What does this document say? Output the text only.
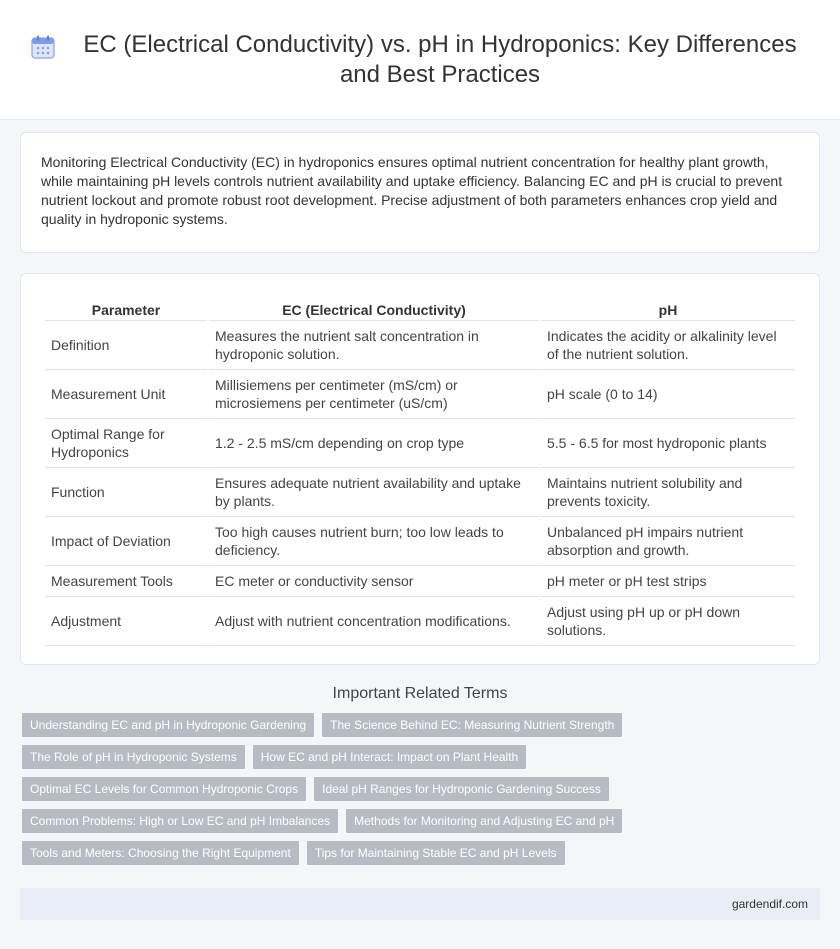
EC (Electrical Conductivity) vs. pH in Hydroponics: Key Differences and Best Practices

Monitoring Electrical Conductivity (EC) in hydroponics ensures optimal nutrient concentration for healthy plant growth, while maintaining pH levels controls nutrient availability and uptake efficiency. Balancing EC and pH is crucial to prevent nutrient lockout and promote robust root development. Precise adjustment of both parameters enhances crop yield and quality in hydroponic systems.

Parameter	EC (Electrical Conductivity)	pH
Definition	Measures the nutrient salt concentration in hydroponic solution.	Indicates the acidity or alkalinity level of the nutrient solution.
Measurement Unit	Millisiemens per centimeter (mS/cm) or microsiemens per centimeter (uS/cm)	pH scale (0 to 14)
Optimal Range for Hydroponics	1.2 - 2.5 mS/cm depending on crop type	5.5 - 6.5 for most hydroponic plants
Function	Ensures adequate nutrient availability and uptake by plants.	Maintains nutrient solubility and prevents toxicity.
Impact of Deviation	Too high causes nutrient burn; too low leads to deficiency.	Unbalanced pH impairs nutrient absorption and growth.
Measurement Tools	EC meter or conductivity sensor	pH meter or pH test strips
Adjustment	Adjust with nutrient concentration modifications.	Adjust using pH up or pH down solutions.
Important Related Terms
Understanding EC and pH in Hydroponic Gardening	The Science Behind EC: Measuring Nutrient Strength
The Role of pH in Hydroponic Systems	How EC and pH Interact: Impact on Plant Health
Optimal EC Levels for Common Hydroponic Crops	Ideal pH Ranges for Hydroponic Gardening Success
Common Problems: High or Low EC and pH Imbalances	Methods for Monitoring and Adjusting EC and pH
Tools and Meters: Choosing the Right Equipment	Tips for Maintaining Stable EC and pH Levels
gardendif.com
